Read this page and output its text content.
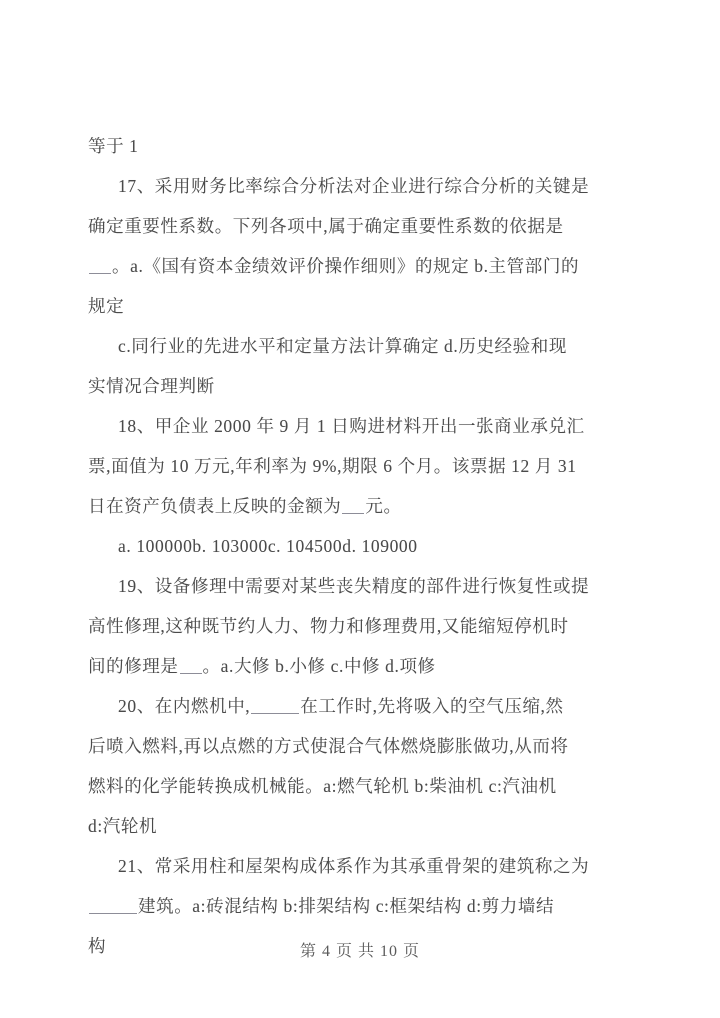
等于 1
17、采用财务比率综合分析法对企业进行综合分析的关键是
确定重要性系数。下列各项中,属于确定重要性系数的依据是
。a.《国有资本金绩效评价操作细则》的规定 b.主管部门的
规定
c.同行业的先进水平和定量方法计算确定 d.历史经验和现
实情况合理判断
18、甲企业 2000 年 9 月 1 日购进材料开出一张商业承兑汇
票,面值为 10 万元,年利率为 9%,期限 6 个月。该票据 12 月 31
日在资产负债表上反映的金额为 元。
a. 100000b. 103000c. 104500d. 109000
19、设备修理中需要对某些丧失精度的部件进行恢复性或提
高性修理,这种既节约人力、物力和修理费用,又能缩短停机时
间的修理是 。a.大修 b.小修 c.中修 d.项修
20、在内燃机中,	在工作时,先将吸入的空气压缩,然
后喷入燃料,再以点燃的方式使混合气体燃烧膨胀做功,从而将
燃料的化学能转换成机械能。a:燃气轮机 b:柴油机 c:汽油机
d:汽轮机
21、常采用柱和屋架构成体系作为其承重骨架的建筑称之为
建筑。a:砖混结构 b:排架结构 c:框架结构 d:剪力墙结
构	第 4 页 共 10 页
